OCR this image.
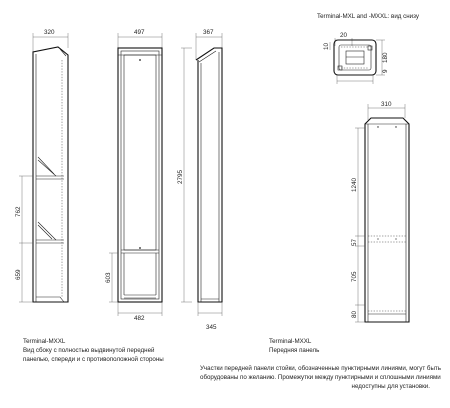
320
762
659
497
603
482
2795
367
345
20
10
180
9
310
1240
57
705
80
Terminal-MXL and -MXXL: вид снизу
Terminal-MXXL
Вид сбоку с полностью выдвинутой передней
панелью, спереди и с противоположной стороны
Terminal-MXXL
Передняя панель
Участки передней панели стойки, обозначенные пунктирными линиями, могут быть
оборудованы по желанию. Промежутки между пунктирными и сплошными линиями
недоступны для установки.
